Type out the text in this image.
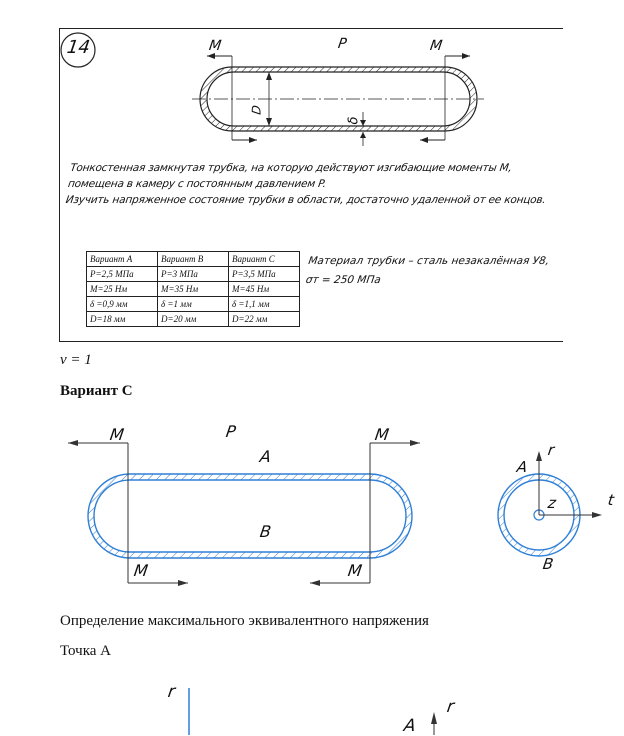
14	M	P	M
D
δ
Тонкостенная замкнутая трубка, на которую действуют изгибающие моменты M,
помещена в камеру с постоянным давлением P.
Изучить напряженное состояние трубки в области, достаточно удаленной от ее концов.
Вариант A	Вариант B	Вариант C
P=2,5 МПа	P=3 МПа	P=3,5 МПа
M=25 Нм	M=35 Нм	M=45 Нм
δ =0,9 мм	δ =1 мм	δ =1,1 мм
D=18 мм	D=20 мм	D=22 мм
Материал трубки – сталь незакалённая У8,
σт = 250 МПа
ν = 1
Вариант С
M	P	M
A
B
M	M
A
r
z	t
B
Определение максимального эквивалентного напряжения
Точка А
r
A
r
